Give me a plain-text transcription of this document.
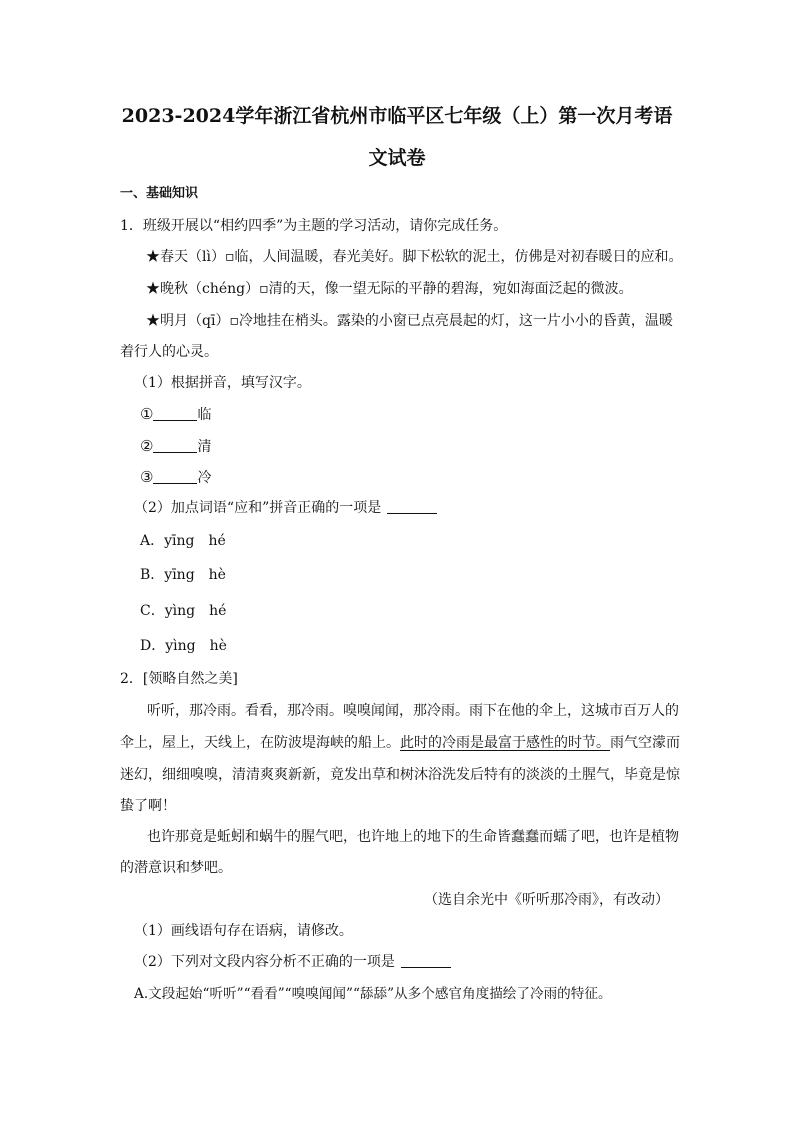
2023-2024学年浙江省杭州市临平区七年级（上）第一次月考语
文试卷
一、基础知识
1．班级开展以“相约四季”为主题的学习活动，请你完成任务。
★春天（lì）▫临，人间温暖，春光美好。脚下松软的泥土，仿佛是对初春暖日的应和。
★晚秋（chéng）▫清的天，像一望无际的平静的碧海，宛如海面泛起的微波。
★明月（qī）▫冷地挂在梢头。露染的小窗已点亮晨起的灯，这一片小小的昏黄，温暖
着行人的心灵。
（1）根据拼音，填写汉字。
①	临
②	清
③	冷
（2）加点词语“应和”拼音正确的一项是
A．yīng　hé
B．yīng　hè
C．yìng　hé
D．yìng　hè
2．[领略自然之美]
听听，那冷雨。看看，那冷雨。嗅嗅闻闻，那冷雨。雨下在他的伞上，这城市百万人的
伞上，屋上，天线上，在防波堤海峡的船上。此时的冷雨是最富于感性的时节。雨气空濛而
迷幻，细细嗅嗅，清清爽爽新新，竟发出草和树沐浴洗发后特有的淡淡的土腥气，毕竟是惊
蛰了啊！
也许那竟是蚯蚓和蜗牛的腥气吧，也许地上的地下的生命皆蠢蠢而蠕了吧，也许是植物
的潜意识和梦吧。
（选自余光中《听听那冷雨》，有改动）
（1）画线语句存在语病，请修改。
（2）下列对文段内容分析不正确的一项是
A.文段起始“听听”“看看”“嗅嗅闻闻”“舔舔”从多个感官角度描绘了冷雨的特征。
